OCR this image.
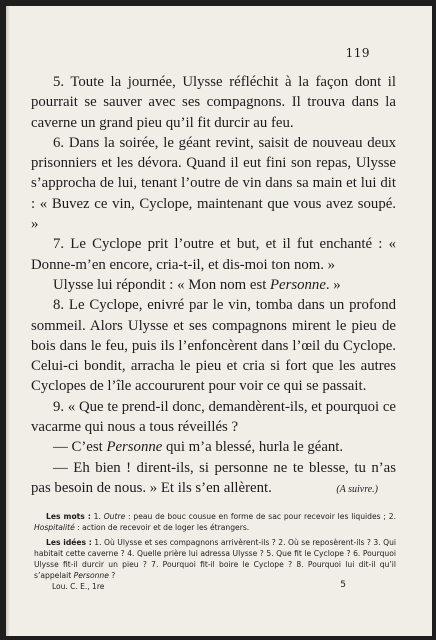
119

5. Toute la journée, Ulysse réfléchit à la façon dont il pourrait se sauver avec ses compagnons. Il trouva dans la caverne un grand pieu qu’il fit durcir au feu.

6. Dans la soirée, le géant revint, saisit de nouveau deux prisonniers et les dévora. Quand il eut fini son repas, Ulysse s’approcha de lui, tenant l’outre de vin dans sa main et lui dit : « Buvez ce vin, Cyclope, maintenant que vous avez soupé. »

7. Le Cyclope prit l’outre et but, et il fut enchanté : « Donne-m’en encore, cria-t-il, et dis-moi ton nom. »

Ulysse lui répondit : « Mon nom est Personne. »

8. Le Cyclope, enivré par le vin, tomba dans un profond sommeil. Alors Ulysse et ses compagnons mirent le pieu de bois dans le feu, puis ils l’enfoncèrent dans l’œil du Cyclope. Celui-ci bondit, arracha le pieu et cria si fort que les autres Cyclopes de l’île accoururent pour voir ce qui se passait.

9. « Que te prend-il donc, demandèrent-ils, et pourquoi ce vacarme qui nous a tous réveillés ?

— C’est Personne qui m’a blessé, hurla le géant.

— Eh bien ! dirent-ils, si personne ne te blesse, tu n’as pas besoin de nous. » Et ils s’en allèrent.	(A suivre.)

Les mots : 1. Outre : peau de bouc cousue en forme de sac pour recevoir les liquides ; 2. Hospitalité : action de recevoir et de loger les étrangers.

Les idées : 1. Où Ulysse et ses compagnons arrivèrent-ils ? 2. Où se reposèrent-ils ? 3. Qui habitait cette caverne ? 4. Quelle prière lui adressa Ulysse ? 5. Que fit le Cyclope ? 6. Pourquoi Ulysse fit-il durcir un pieu ? 7. Pourquoi fit-il boire le Cyclope ? 8. Pourquoi lui dit-il qu’il s’appelait Personne ?

Lou. C. E., 1re	5
